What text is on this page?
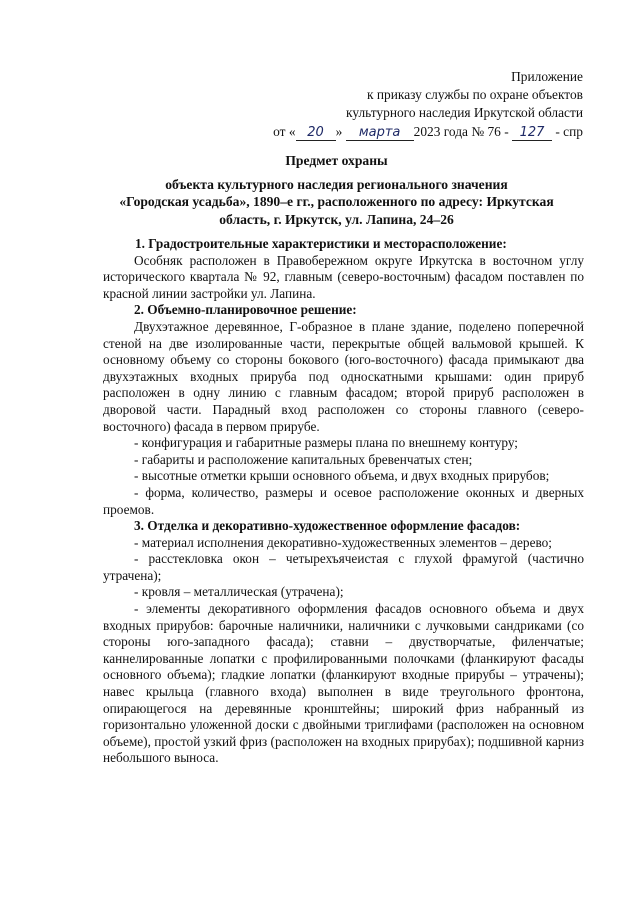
Приложение
к приказу службы по охране объектов
культурного наследия Иркутской области
от « 20 » марта 2023 года № 76 - 127 - спр
Предмет охраны
объекта культурного наследия регионального значения
«Городская усадьба», 1890–е гг., расположенного по адресу: Иркутская
область, г. Иркутск, ул. Лапина, 24–26

1. Градостроительные характеристики и месторасположение:

Особняк расположен в Правобережном округе Иркутска в восточном углу исторического квартала № 92, главным (северо-восточным) фасадом поставлен по красной линии застройки ул. Лапина.

2. Объемно-планировочное решение:

Двухэтажное деревянное, Г-образное в плане здание, поделено поперечной стеной на две изолированные части, перекрытые общей вальмовой крышей. К основному объему со стороны бокового (юго-восточного) фасада примыкают два двухэтажных входных прируба под односкатными крышами: один прируб расположен в одну линию с главным фасадом; второй прируб расположен в дворовой части. Парадный вход расположен со стороны главного (северо-восточного) фасада в первом прирубе.

- конфигурация и габаритные размеры плана по внешнему контуру;

- габариты и расположение капитальных бревенчатых стен;

- высотные отметки крыши основного объема, и двух входных прирубов;

- форма, количество, размеры и осевое расположение оконных и дверных проемов.

3. Отделка и декоративно-художественное оформление фасадов:

- материал исполнения декоративно-художественных элементов – дерево;

- расстекловка окон – четырехъячеистая с глухой фрамугой (частично утрачена);

- кровля – металлическая (утрачена);

- элементы декоративного оформления фасадов основного объема и двух входных прирубов: барочные наличники, наличники с лучковыми сандриками (со стороны юго-западного фасада); ставни – двустворчатые, филенчатые; каннелированные лопатки с профилированными полочками (фланкируют фасады основного объема); гладкие лопатки (фланкируют входные прирубы – утрачены); навес крыльца (главного входа) выполнен в виде треугольного фронтона, опирающегося на деревянные кронштейны; широкий фриз набранный из горизонтально уложенной доски с двойными триглифами (расположен на основном объеме), простой узкий фриз (расположен на входных прирубах); подшивной карниз небольшого выноса.
